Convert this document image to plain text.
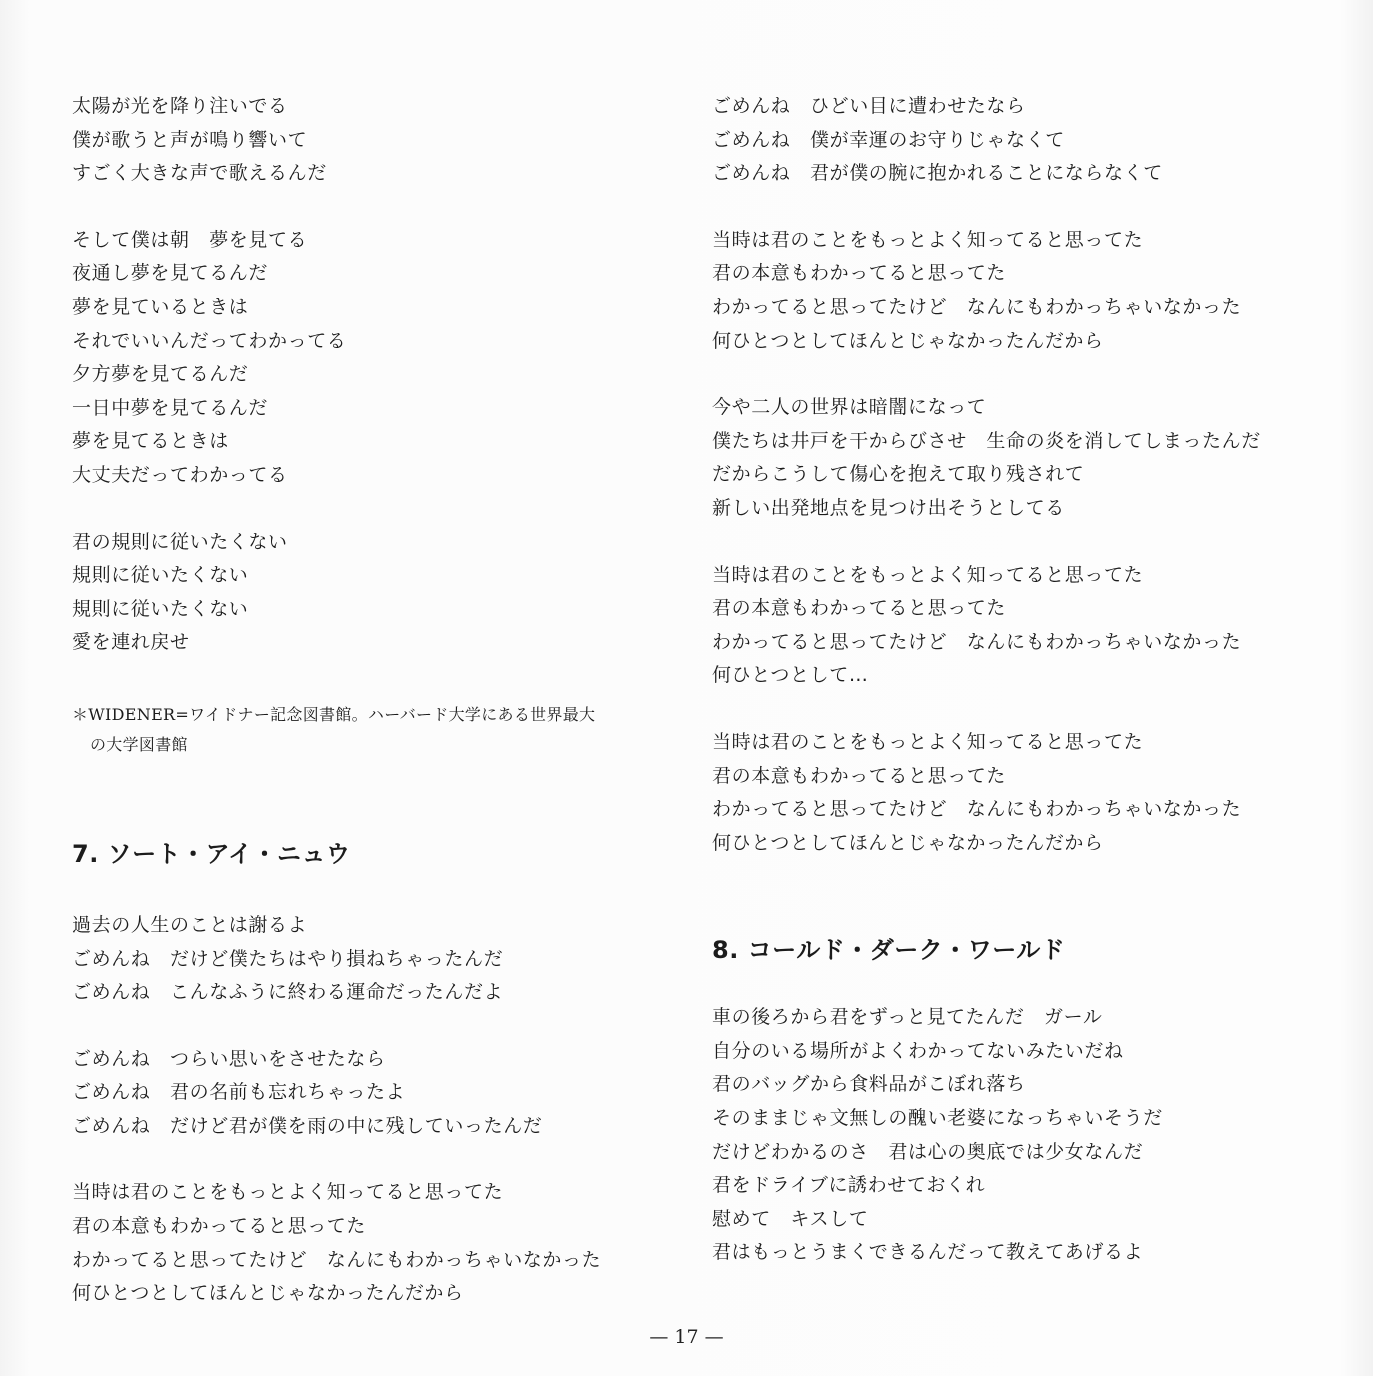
太陽が光を降り注いでる
僕が歌うと声が鳴り響いて
すごく大きな声で歌えるんだ
そして僕は朝　夢を見てる
夜通し夢を見てるんだ
夢を見ているときは
それでいいんだってわかってる
夕方夢を見てるんだ
一日中夢を見てるんだ
夢を見てるときは
大丈夫だってわかってる
君の規則に従いたくない
規則に従いたくない
規則に従いたくない
愛を連れ戻せ
＊WIDENER=ワイドナー記念図書館。ハーバード大学にある世界最大
の大学図書館
7. ソート・アイ・ニュウ
過去の人生のことは謝るよ
ごめんね　だけど僕たちはやり損ねちゃったんだ
ごめんね　こんなふうに終わる運命だったんだよ
ごめんね　つらい思いをさせたなら
ごめんね　君の名前も忘れちゃったよ
ごめんね　だけど君が僕を雨の中に残していったんだ
当時は君のことをもっとよく知ってると思ってた
君の本意もわかってると思ってた
わかってると思ってたけど　なんにもわかっちゃいなかった
何ひとつとしてほんとじゃなかったんだから
ごめんね　ひどい目に遭わせたなら
ごめんね　僕が幸運のお守りじゃなくて
ごめんね　君が僕の腕に抱かれることにならなくて
当時は君のことをもっとよく知ってると思ってた
君の本意もわかってると思ってた
わかってると思ってたけど　なんにもわかっちゃいなかった
何ひとつとしてほんとじゃなかったんだから
今や二人の世界は暗闇になって
僕たちは井戸を干からびさせ　生命の炎を消してしまったんだ
だからこうして傷心を抱えて取り残されて
新しい出発地点を見つけ出そうとしてる
当時は君のことをもっとよく知ってると思ってた
君の本意もわかってると思ってた
わかってると思ってたけど　なんにもわかっちゃいなかった
何ひとつとして…
当時は君のことをもっとよく知ってると思ってた
君の本意もわかってると思ってた
わかってると思ってたけど　なんにもわかっちゃいなかった
何ひとつとしてほんとじゃなかったんだから
8. コールド・ダーク・ワールド
車の後ろから君をずっと見てたんだ　ガール
自分のいる場所がよくわかってないみたいだね
君のバッグから食料品がこぼれ落ち
そのままじゃ文無しの醜い老婆になっちゃいそうだ
だけどわかるのさ　君は心の奥底では少女なんだ
君をドライブに誘わせておくれ
慰めて　キスして
君はもっとうまくできるんだって教えてあげるよ
— 17 —
